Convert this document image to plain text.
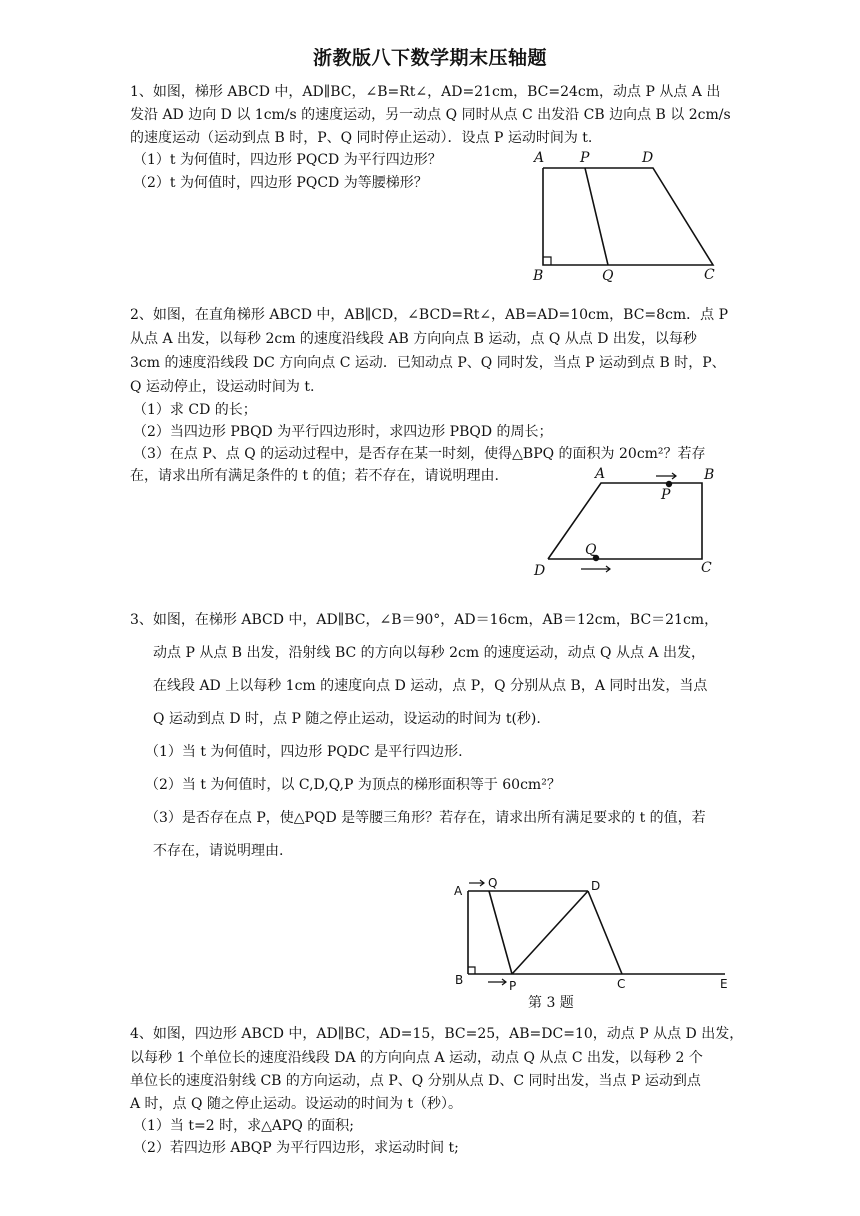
浙教版八下数学期末压轴题
1、如图，梯形 ABCD 中，AD∥BC，∠B=Rt∠，AD=21cm，BC=24cm，动点 P 从点 A 出
发沿 AD 边向 D 以 1cm/s 的速度运动，另一动点 Q 同时从点 C 出发沿 CB 边向点 B 以 2cm/s
的速度运动（运动到点 B 时，P、Q 同时停止运动）．设点 P 运动时间为 t.
（1）t 为何值时，四边形 PQCD 为平行四边形？
（2）t 为何值时，四边形 PQCD 为等腰梯形？
A	P	D
B	Q	C
2、如图，在直角梯形 ABCD 中，AB∥CD，∠BCD=Rt∠，AB=AD=10cm，BC=8cm．点 P
从点 A 出发，以每秒 2cm 的速度沿线段 AB 方向向点 B 运动，点 Q 从点 D 出发，以每秒
3cm 的速度沿线段 DC 方向向点 C 运动．已知动点 P、Q 同时发，当点 P 运动到点 B 时，P、
Q 运动停止，设运动时间为 t.
（1）求 CD 的长；
（2）当四边形 PBQD 为平行四边形时，求四边形 PBQD 的周长；
（3）在点 P、点 Q 的运动过程中，是否存在某一时刻，使得△BPQ 的面积为 20cm²？若存
在，请求出所有满足条件的 t 的值；若不存在，请说明理由.	A	B
P
Q
D	C
3、如图，在梯形 ABCD 中，AD∥BC，∠B＝90°，AD＝16cm，AB＝12cm，BC＝21cm，
动点 P 从点 B 出发，沿射线 BC 的方向以每秒 2cm 的速度运动，动点 Q 从点 A 出发，
在线段 AD 上以每秒 1cm 的速度向点 D 运动，点 P，Q 分别从点 B，A 同时出发，当点
Q 运动到点 D 时，点 P 随之停止运动，设运动的时间为 t(秒).
（1）当 t 为何值时，四边形 PQDC 是平行四边形.
（2）当 t 为何值时，以 C,D,Q,P 为顶点的梯形面积等于 60cm²？
（3）是否存在点 P，使△PQD 是等腰三角形？若存在，请求出所有满足要求的 t 的值，若
不存在，请说明理由.
A
Q	D
B	P	C	E
第 3 题
4、如图，四边形 ABCD 中，AD∥BC，AD=15，BC=25，AB=DC=10，动点 P 从点 D 出发，
以每秒 1 个单位长的速度沿线段 DA 的方向向点 A 运动，动点 Q 从点 C 出发，以每秒 2 个
单位长的速度沿射线 CB 的方向运动，点 P、Q 分别从点 D、C 同时出发，当点 P 运动到点
A 时，点 Q 随之停止运动。设运动的时间为 t（秒）。
（1）当 t=2 时，求△APQ 的面积;
（2）若四边形 ABQP 为平行四边形，求运动时间 t;
